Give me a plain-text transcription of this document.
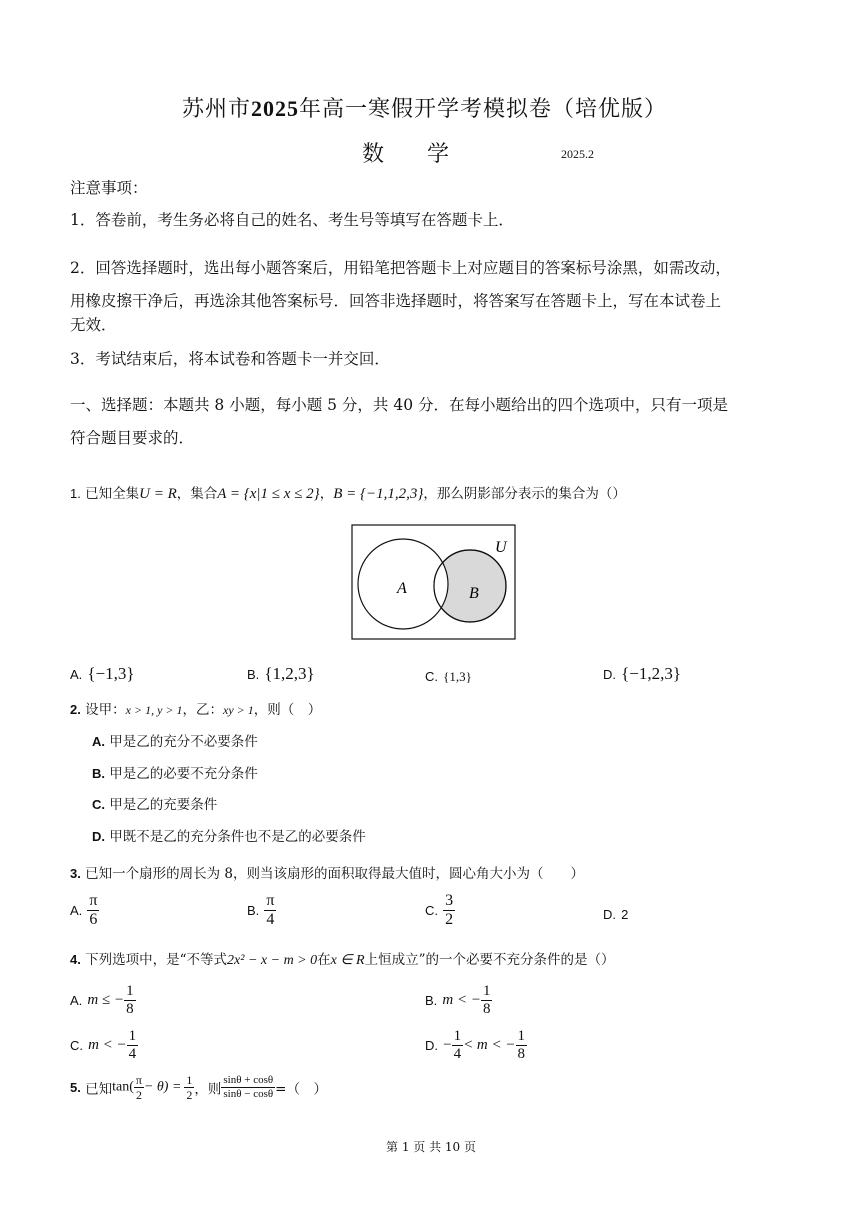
苏州市2025年高一寒假开学考模拟卷（培优版）
数 学	2025.2
注意事项：
1．答卷前，考生务必将自己的姓名、考生号等填写在答题卡上．
2．回答选择题时，选出每小题答案后，用铅笔把答题卡上对应题目的答案标号涂黑，如需改动，
用橡皮擦干净后，再选涂其他答案标号．回答非选择题时，将答案写在答题卡上，写在本试卷上
无效．
3．考试结束后，将本试卷和答题卡一并交回．
一、选择题：本题共 8 小题，每小题 5 分，共 40 分．在每小题给出的四个选项中，只有一项是
符合题目要求的．
1. 已知全集U = R，集合A = {x|1 ≤ x ≤ 2}，B = {−1,1,2,3}，那么阴影部分表示的集合为（）
U
A	B
A. {−1,3}	B. {1,2,3}	C. {1,3}	D. {−1,2,3}
2. 设甲：x > 1, y > 1，乙：xy > 1，则（　）
A. 甲是乙的充分不必要条件
B. 甲是乙的必要不充分条件
C. 甲是乙的充要条件
D. 甲既不是乙的充分条件也不是乙的必要条件
3. 已知一个扇形的周长为 8，则当该扇形的面积取得最大值时，圆心角大小为（　　）
A. $\frac{\pi}{6}$	B. $\frac{\pi}{4}$	C. $\frac{3}{2}$	D. 2
4. 下列选项中，是“不等式2x² − x − m > 0在x ∈ R上恒成立”的一个必要不充分条件的是（）
A. m ≤ − $\frac{1}{8}$	B. m < − $\frac{1}{8}$
C. m < − $\frac{1}{4}$	D. − $\frac{1}{4} < m$ < − $\frac{1}{8}$
5. 已知$\tan( \frac{\pi}{2} - \theta) = \frac{1}{2}$ ，则 $\frac{\sin\theta + \cos\theta}{\sin\theta - \cos\theta}$ =（　）
第 1 页 共 10 页
